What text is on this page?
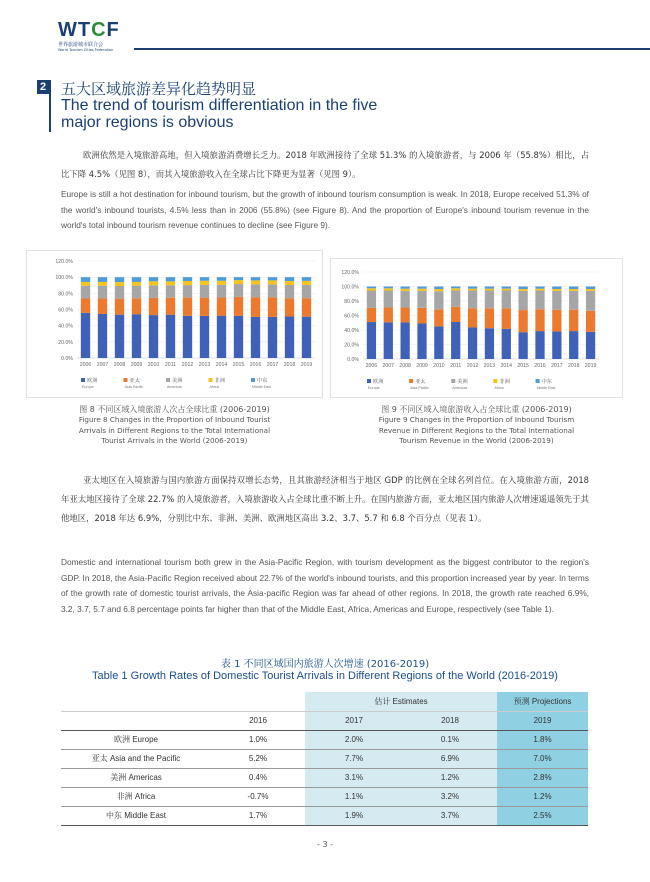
WTCF
世界旅游城市联合会
World Tourism Cities Federation
2 五大区域旅游差异化趋势明显
The trend of tourism differentiation in the five major regions is obvious
欧洲依然是入境旅游高地，但入境旅游消费增长乏力。2018 年欧洲接待了全球 51.3% 的入境旅游者，与 2006 年（55.8%）相比，占比下降 4.5%（见图 8），而其入境旅游收入在全球占比下降更为显著（见图 9）。
Europe is still a hot destination for inbound tourism, but the growth of inbound tourism consumption is weak. In 2018, Europe received 51.3% of the world's inbound tourists, 4.5% less than in 2006 (55.8%) (see Figure 8). And the proportion of Europe's inbound tourism revenue in the world's total inbound tourism revenue continues to decline (see Figure 9).
0.0%
20.0%
40.0%
60.0%
80.0%
100.0%
120.0%
2006 2007 2008 2009 2010 2011 2012 2013 2014 2015 2016 2017 2018 2019
欧洲
Europe
亚太
Asia-Pacific
美洲
Americas
非洲
Africa
中东
Middle East
图 8 不同区域入境旅游人次占全球比重 (2006-2019)
Figure 8 Changes in the Proportion of Inbound Tourist
Arrivals in Different Regions to the Total International
Tourist Arrivals in the World (2006-2019)
0.0%
20.0%
40.0%
60.0%
80.0%
100.0%
120.0%
2006 2007 2008 2009 2010 2011 2012 2013 2014 2015 2016 2017 2018 2019
欧洲
Europe
亚太
Asia-Pacific
美洲
Americas
非洲
Africa
中东
Middle East
图 9 不同区域入境旅游收入占全球比重 (2006-2019)
Figure 9 Changes in the Proportion of Inbound Tourism
Revenue in Different Regions to the Total International
Tourism Revenue in the World (2006-2019)
亚太地区在入境旅游与国内旅游方面保持双增长态势，且其旅游经济相当于地区 GDP 的比例在全球名列首位。在入境旅游方面，2018 年亚太地区接待了全球 22.7% 的入境旅游者，入境旅游收入占全球比重不断上升。在国内旅游方面，亚太地区国内旅游人次增速遥遥领先于其他地区，2018 年达 6.9%，分别比中东、非洲、美洲、欧洲地区高出 3.2、3.7、5.7 和 6.8 个百分点（见表 1）。
Domestic and international tourism both grew in the Asia-Pacific Region, with tourism development as the biggest contributor to the region's GDP. In 2018, the Asia-Pacific Region received about 22.7% of the world's inbound tourists, and this proportion increased year by year. In terms of the growth rate of domestic tourist arrivals, the Asia-pacific Region was far ahead of other regions. In 2018, the growth rate reached 6.9%, 3.2, 3.7, 5.7 and 6.8 percentage points far higher than that of the Middle East, Africa, Americas and Europe, respectively (see Table 1).
表 1 不同区域国内旅游人次增速 (2016-2019)
Table 1 Growth Rates of Domestic Tourist Arrivals in Different Regions of the World (2016-2019)
		估计 Estimates		预测 Projections
	2016	2017	2018	2019
欧洲 Europe	1.0%	2.0%	0.1%	1.8%
亚太 Asia and the Pacific	5.2%	7.7%	6.9%	7.0%
美洲 Americas	0.4%	3.1%	1.2%	2.8%
非洲 Africa	-0.7%	1.1%	3.2%	1.2%
中东 Middle East	1.7%	1.9%	3.7%	2.5%
- 3 -
